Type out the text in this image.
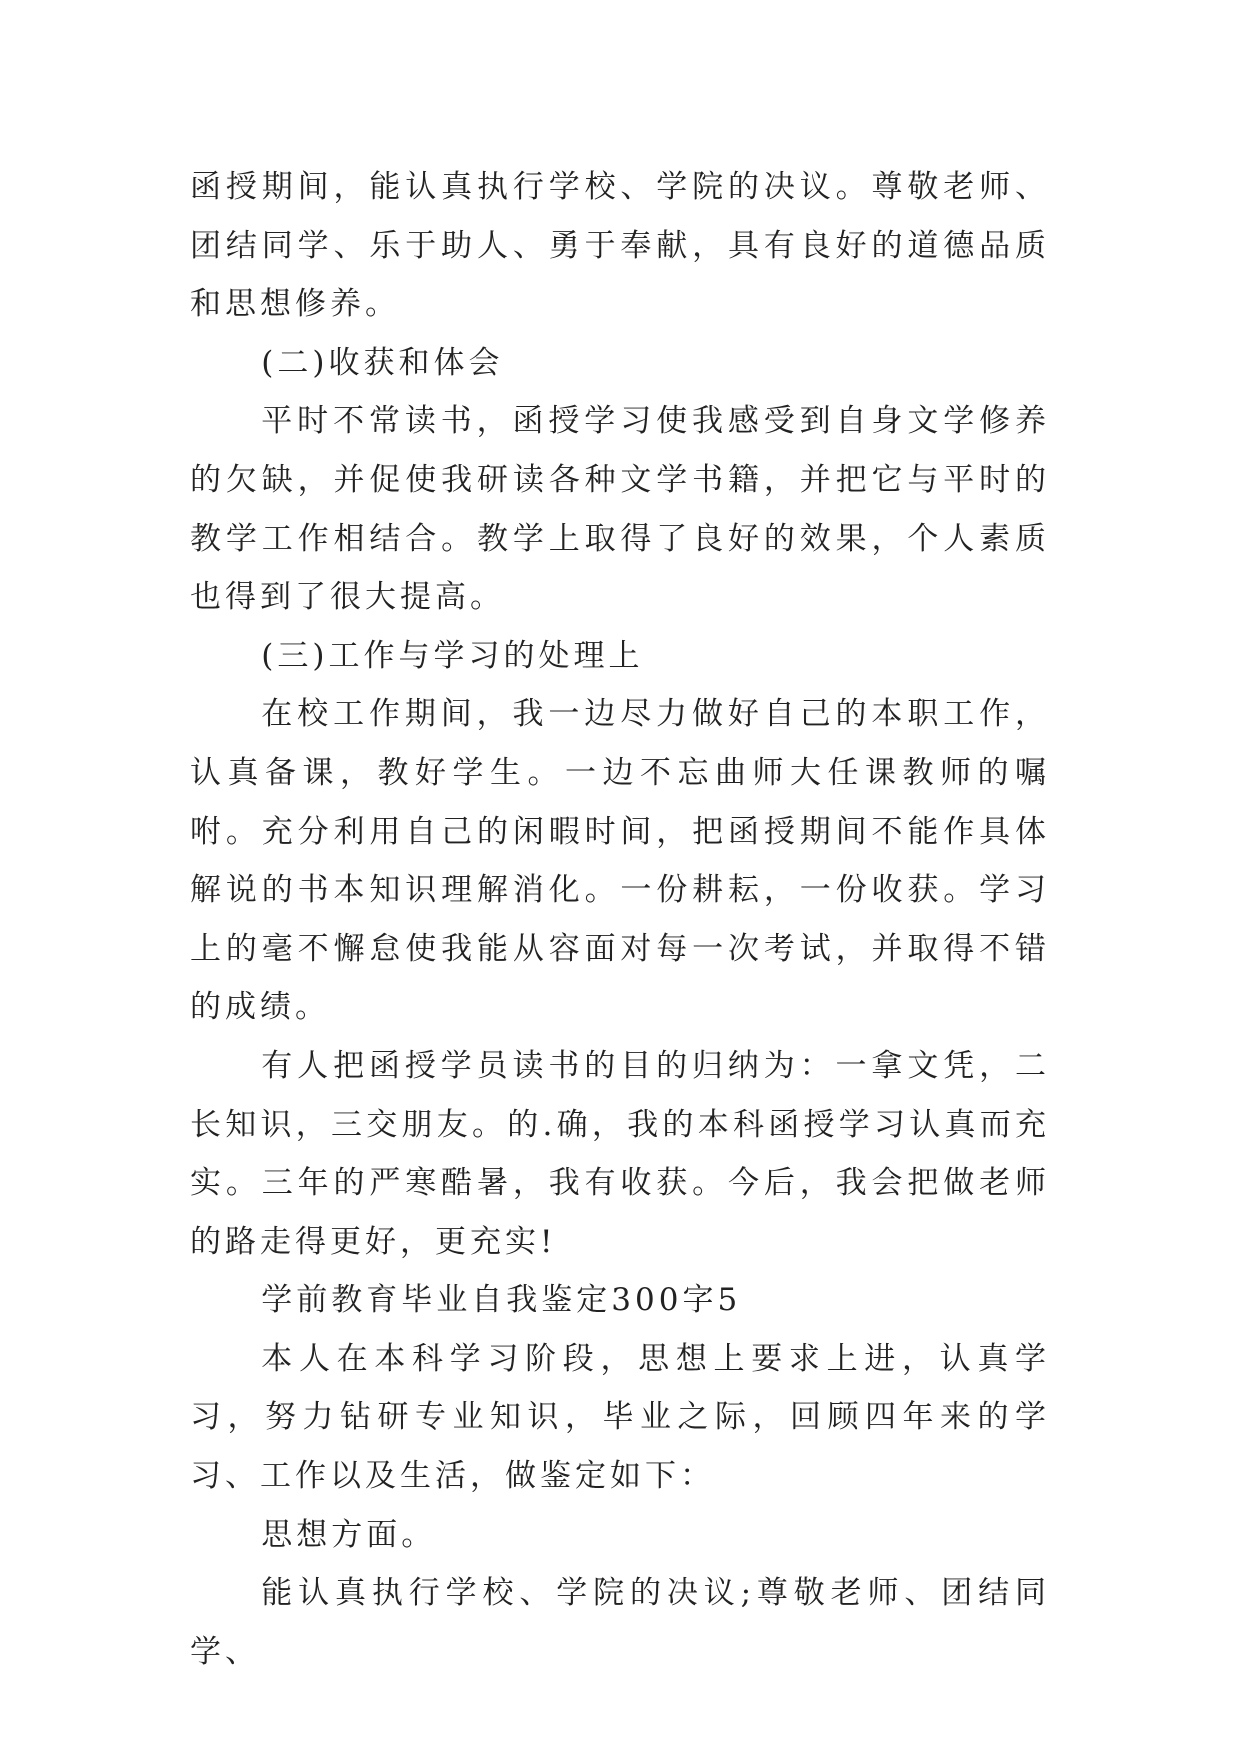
函授期间，能认真执行学校、学院的决议。尊敬老师、团结同学、乐于助人、勇于奉献，具有良好的道德品质和思想修养。

(二)收获和体会

平时不常读书，函授学习使我感受到自身文学修养的欠缺，并促使我研读各种文学书籍，并把它与平时的教学工作相结合。教学上取得了良好的效果，个人素质也得到了很大提高。

(三)工作与学习的处理上

在校工作期间，我一边尽力做好自己的本职工作，认真备课，教好学生。一边不忘曲师大任课教师的嘱咐。充分利用自己的闲暇时间，把函授期间不能作具体解说的书本知识理解消化。一份耕耘，一份收获。学习上的毫不懈怠使我能从容面对每一次考试，并取得不错的成绩。

有人把函授学员读书的目的归纳为：一拿文凭，二长知识，三交朋友。的.确，我的本科函授学习认真而充实。三年的严寒酷暑，我有收获。今后，我会把做老师的路走得更好，更充实!

学前教育毕业自我鉴定300字5

本人在本科学习阶段，思想上要求上进，认真学习，努力钻研专业知识，毕业之际，回顾四年来的学习、工作以及生活，做鉴定如下：

思想方面。

能认真执行学校、学院的决议;尊敬老师、团结同学、
